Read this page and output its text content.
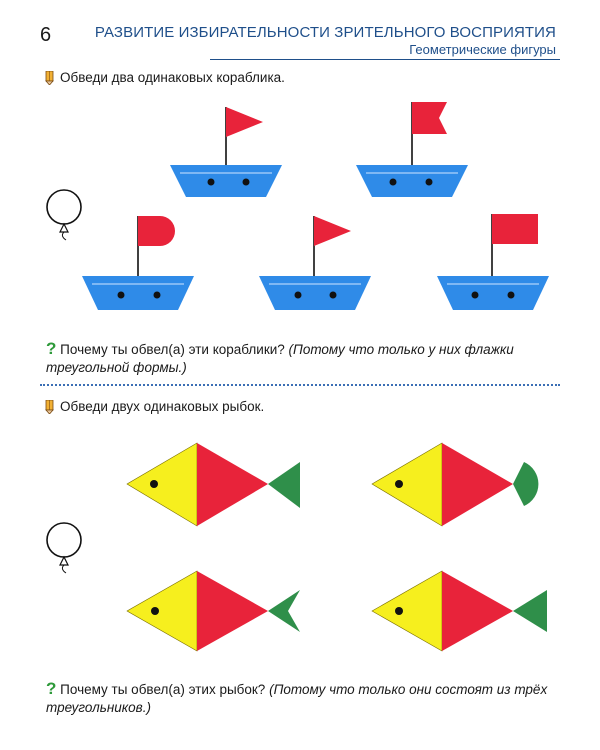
6	РАЗВИТИЕ ИЗБИРАТЕЛЬНОСТИ ЗРИТЕЛЬНОГО ВОСПРИЯТИЯ
Геометрические фигуры
Обведи два одинаковых кораблика.
? Почему ты обвел(а) эти кораблики? (Потому что только у них флажки треугольной формы.)
Обведи двух одинаковых рыбок.
? Почему ты обвел(а) этих рыбок? (Потому что только они состоят из трёх треугольников.)
